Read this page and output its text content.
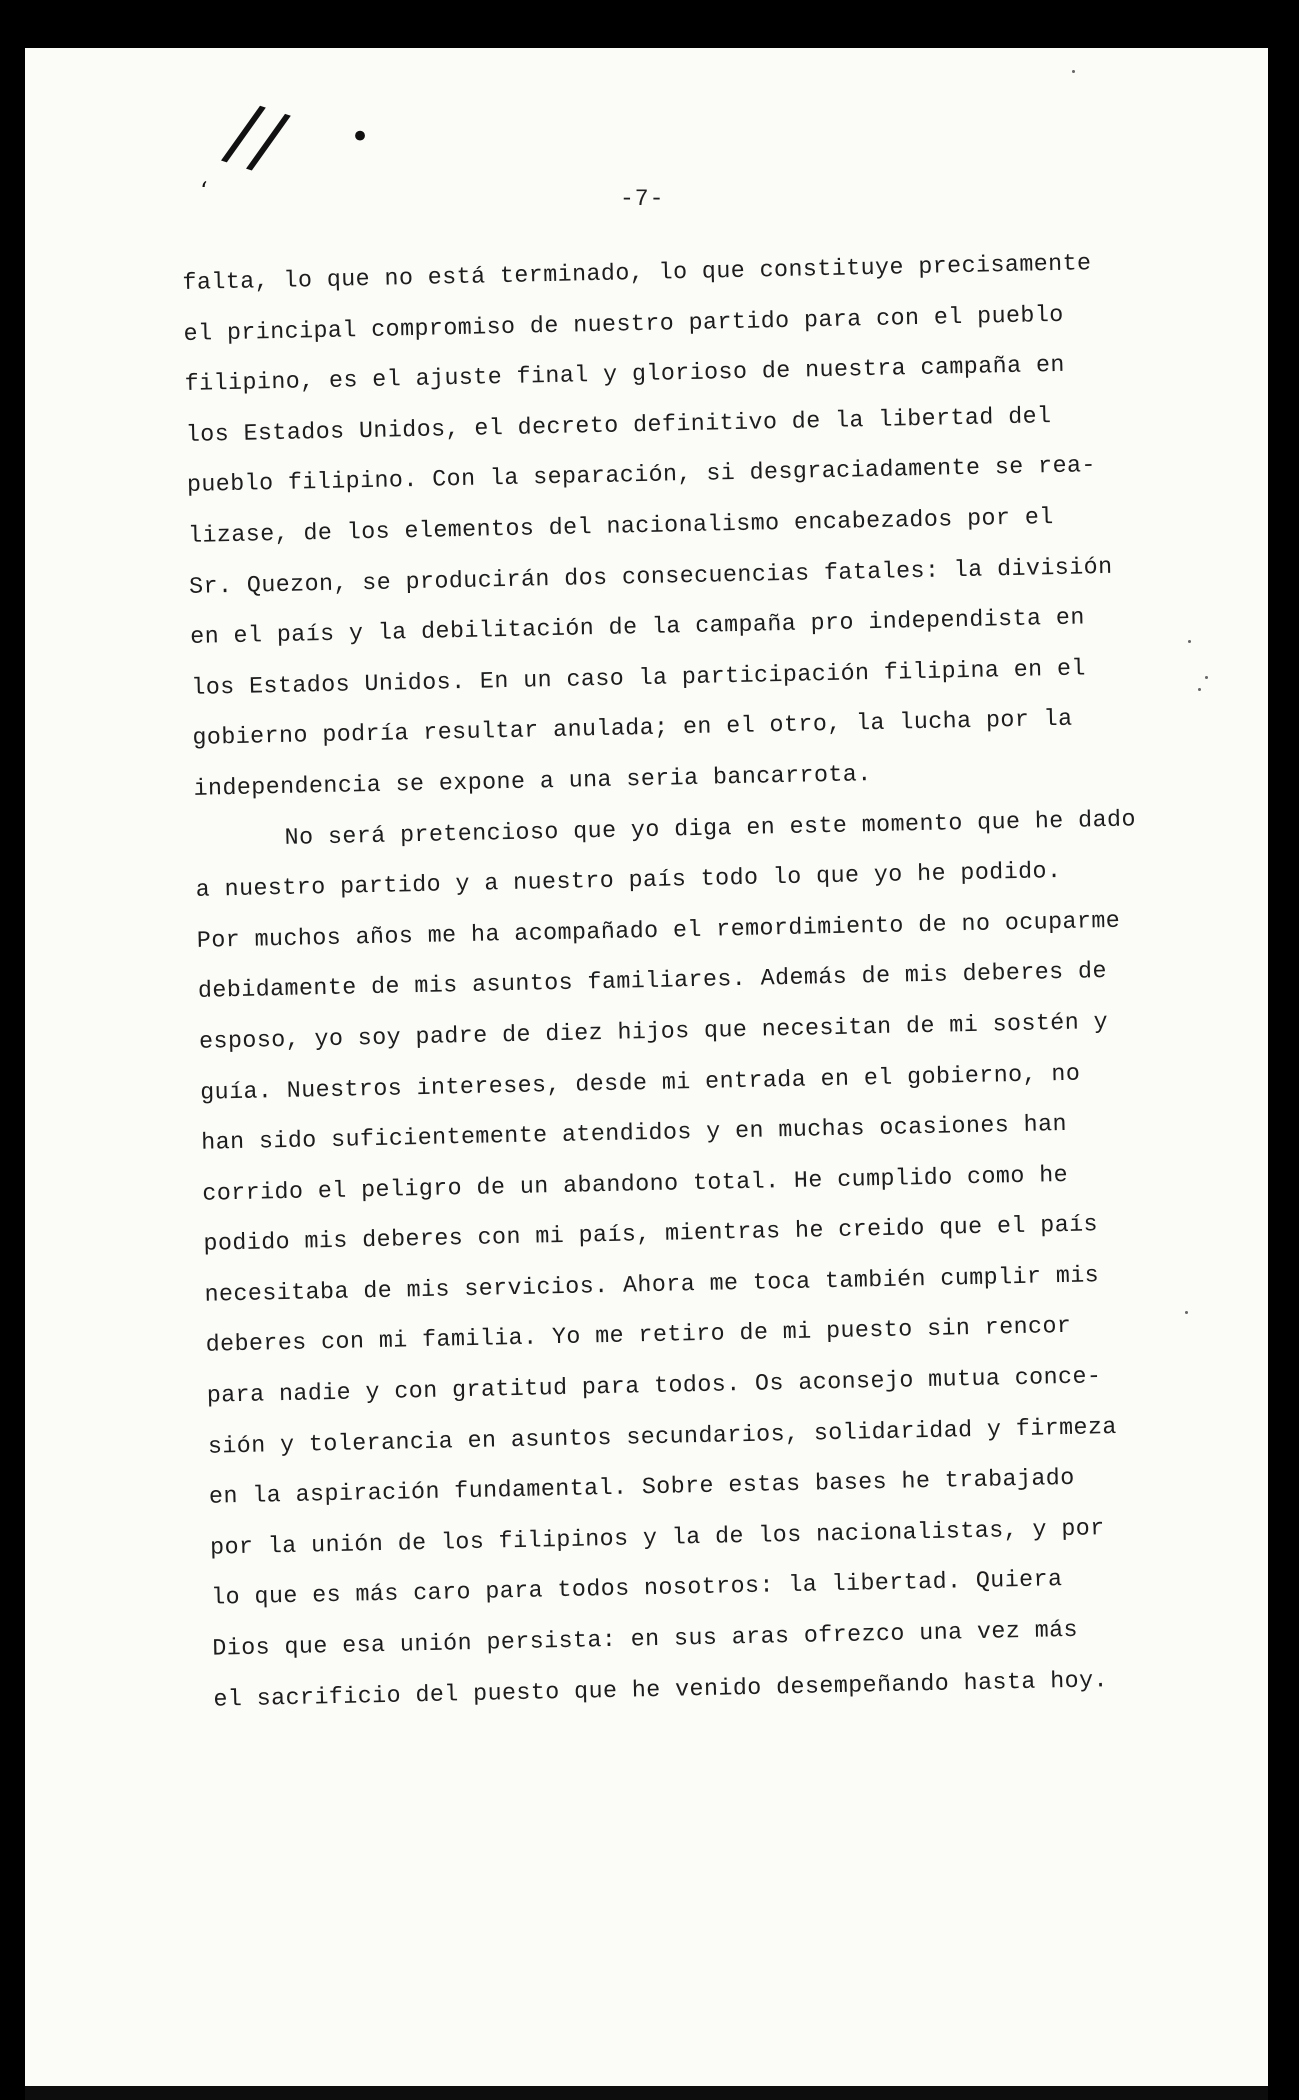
// •
‘	-7-
falta, lo que no está terminado, lo que constituye precisamente
el principal compromiso de nuestro partido para con el pueblo
filipino, es el ajuste final y glorioso de nuestra campaña en
los Estados Unidos, el decreto definitivo de la libertad del
pueblo filipino. Con la separación, si desgraciadamente se rea-
lizase, de los elementos del nacionalismo encabezados por el
Sr. Quezon, se producirán dos consecuencias fatales: la división
en el país y la debilitación de la campaña pro independista en
los Estados Unidos. En un caso la participación filipina en el
gobierno podría resultar anulada; en el otro, la lucha por la
independencia se expone a una seria bancarrota.
No será pretencioso que yo diga en este momento que he dado
a nuestro partido y a nuestro país todo lo que yo he podido.
Por muchos años me ha acompañado el remordimiento de no ocuparme
debidamente de mis asuntos familiares. Además de mis deberes de
esposo, yo soy padre de diez hijos que necesitan de mi sostén y
guía. Nuestros intereses, desde mi entrada en el gobierno, no
han sido suficientemente atendidos y en muchas ocasiones han
corrido el peligro de un abandono total. He cumplido como he
podido mis deberes con mi país, mientras he creido que el país
necesitaba de mis servicios. Ahora me toca también cumplir mis
deberes con mi familia. Yo me retiro de mi puesto sin rencor
para nadie y con gratitud para todos. Os aconsejo mutua conce-
sión y tolerancia en asuntos secundarios, solidaridad y firmeza
en la aspiración fundamental. Sobre estas bases he trabajado
por la unión de los filipinos y la de los nacionalistas, y por
lo que es más caro para todos nosotros: la libertad. Quiera
Dios que esa unión persista: en sus aras ofrezco una vez más
el sacrificio del puesto que he venido desempeñando hasta hoy.
